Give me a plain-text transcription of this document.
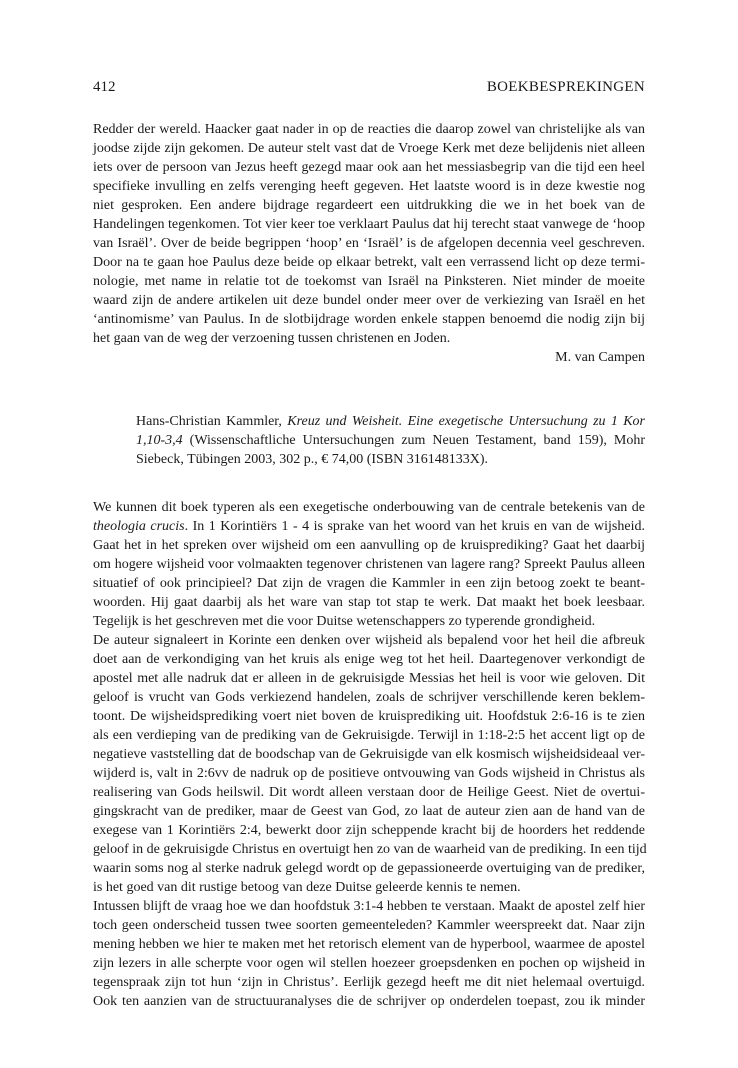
412	BOEKBESPREKINGEN
Redder der wereld. Haacker gaat nader in op de reacties die daarop zowel van christelijke als van
joodse zijde zijn gekomen. De auteur stelt vast dat de Vroege Kerk met deze belijdenis niet alleen
iets over de persoon van Jezus heeft gezegd maar ook aan het messiasbegrip van die tijd een heel
specifieke invulling en zelfs verenging heeft gegeven. Het laatste woord is in deze kwestie nog
niet gesproken. Een andere bijdrage regardeert een uitdrukking die we in het boek van de
Handelingen tegenkomen. Tot vier keer toe verklaart Paulus dat hij terecht staat vanwege de ‘hoop
van Israël’. Over de beide begrippen ‘hoop’ en ‘Israël’ is de afgelopen decennia veel geschreven.
Door na te gaan hoe Paulus deze beide op elkaar betrekt, valt een verrassend licht op deze termi-
nologie, met name in relatie tot de toekomst van Israël na Pinksteren. Niet minder de moeite
waard zijn de andere artikelen uit deze bundel onder meer over de verkiezing van Israël en het
‘antinomisme’ van Paulus. In de slotbijdrage worden enkele stappen benoemd die nodig zijn bij
het gaan van de weg der verzoening tussen christenen en Joden.
M. van Campen
Hans-Christian Kammler, Kreuz und Weisheit. Eine exegetische Untersuchung zu 1 Kor
1,10-3,4 (Wissenschaftliche Untersuchungen zum Neuen Testament, band 159), Mohr
Siebeck, Tübingen 2003, 302 p., € 74,00 (ISBN 316148133X).
We kunnen dit boek typeren als een exegetische onderbouwing van de centrale betekenis van de
theologia crucis. In 1 Korintiërs 1 - 4 is sprake van het woord van het kruis en van de wijsheid.
Gaat het in het spreken over wijsheid om een aanvulling op de kruisprediking? Gaat het daarbij
om hogere wijsheid voor volmaakten tegenover christenen van lagere rang? Spreekt Paulus alleen
situatief of ook principieel? Dat zijn de vragen die Kammler in een zijn betoog zoekt te beant-
woorden. Hij gaat daarbij als het ware van stap tot stap te werk. Dat maakt het boek leesbaar.
Tegelijk is het geschreven met die voor Duitse wetenschappers zo typerende grondigheid.
De auteur signaleert in Korinte een denken over wijsheid als bepalend voor het heil die afbreuk
doet aan de verkondiging van het kruis als enige weg tot het heil. Daartegenover verkondigt de
apostel met alle nadruk dat er alleen in de gekruisigde Messias het heil is voor wie geloven. Dit
geloof is vrucht van Gods verkiezend handelen, zoals de schrijver verschillende keren beklem-
toont. De wijsheidsprediking voert niet boven de kruisprediking uit. Hoofdstuk 2:6-16 is te zien
als een verdieping van de prediking van de Gekruisigde. Terwijl in 1:18-2:5 het accent ligt op de
negatieve vaststelling dat de boodschap van de Gekruisigde van elk kosmisch wijsheidsideaal ver-
wijderd is, valt in 2:6vv de nadruk op de positieve ontvouwing van Gods wijsheid in Christus als
realisering van Gods heilswil. Dit wordt alleen verstaan door de Heilige Geest. Niet de overtui-
gingskracht van de prediker, maar de Geest van God, zo laat de auteur zien aan de hand van de
exegese van 1 Korintiërs 2:4, bewerkt door zijn scheppende kracht bij de hoorders het reddende
geloof in de gekruisigde Christus en overtuigt hen zo van de waarheid van de prediking. In een tijd
waarin soms nog al sterke nadruk gelegd wordt op de gepassioneerde overtuiging van de prediker,
is het goed van dit rustige betoog van deze Duitse geleerde kennis te nemen.
Intussen blijft de vraag hoe we dan hoofdstuk 3:1-4 hebben te verstaan. Maakt de apostel zelf hier
toch geen onderscheid tussen twee soorten gemeenteleden? Kammler weerspreekt dat. Naar zijn
mening hebben we hier te maken met het retorisch element van de hyperbool, waarmee de apostel
zijn lezers in alle scherpte voor ogen wil stellen hoezeer groepsdenken en pochen op wijsheid in
tegenspraak zijn tot hun ‘zijn in Christus’. Eerlijk gezegd heeft me dit niet helemaal overtuigd.
Ook ten aanzien van de structuuranalyses die de schrijver op onderdelen toepast, zou ik minder
